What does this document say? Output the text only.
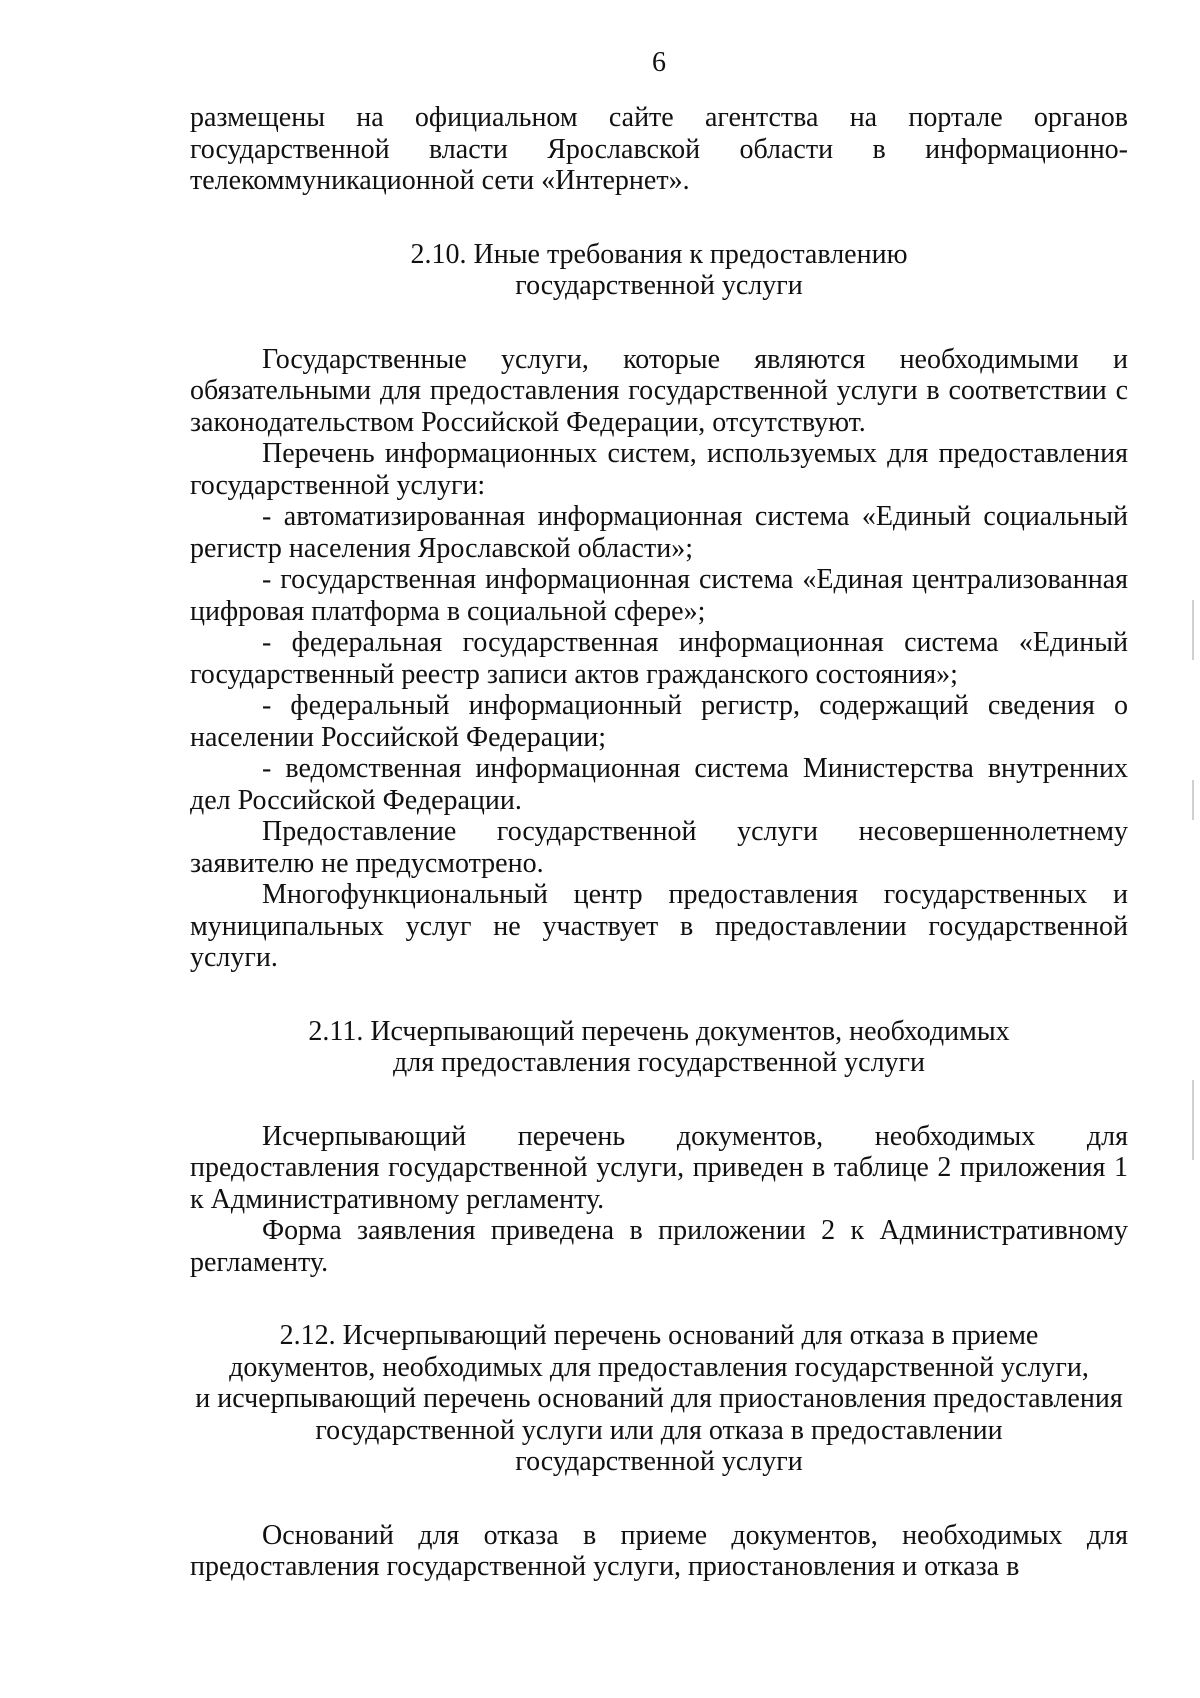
6

размещены на официальном сайте агентства на портале органов государственной власти Ярославской области в информационно-телекоммуникационной сети «Интернет».

2.10. Иные требования к предоставлению
государственной услуги

Государственные услуги, которые являются необходимыми и обязательными для предоставления государственной услуги в соответствии с законодательством Российской Федерации, отсутствуют.

Перечень информационных систем, используемых для предоставления государственной услуги:

- автоматизированная информационная система «Единый социальный регистр населения Ярославской области»;

- государственная информационная система «Единая централизованная цифровая платформа в социальной сфере»;

- федеральная государственная информационная система «Единый государственный реестр записи актов гражданского состояния»;

- федеральный информационный регистр, содержащий сведения о населении Российской Федерации;

- ведомственная информационная система Министерства внутренних дел Российской Федерации.

Предоставление государственной услуги несовершеннолетнему заявителю не предусмотрено.

Многофункциональный центр предоставления государственных и муниципальных услуг не участвует в предоставлении государственной услуги.

2.11. Исчерпывающий перечень документов, необходимых
для предоставления государственной услуги

Исчерпывающий перечень документов, необходимых для предоставления государственной услуги, приведен в таблице 2 приложения 1 к Административному регламенту.

Форма заявления приведена в приложении 2 к Административному регламенту.

2.12. Исчерпывающий перечень оснований для отказа в приеме
документов, необходимых для предоставления государственной услуги,
и исчерпывающий перечень оснований для приостановления предоставления
государственной услуги или для отказа в предоставлении
государственной услуги

Оснований для отказа в приеме документов, необходимых для предоставления государственной услуги, приостановления и отказа в
